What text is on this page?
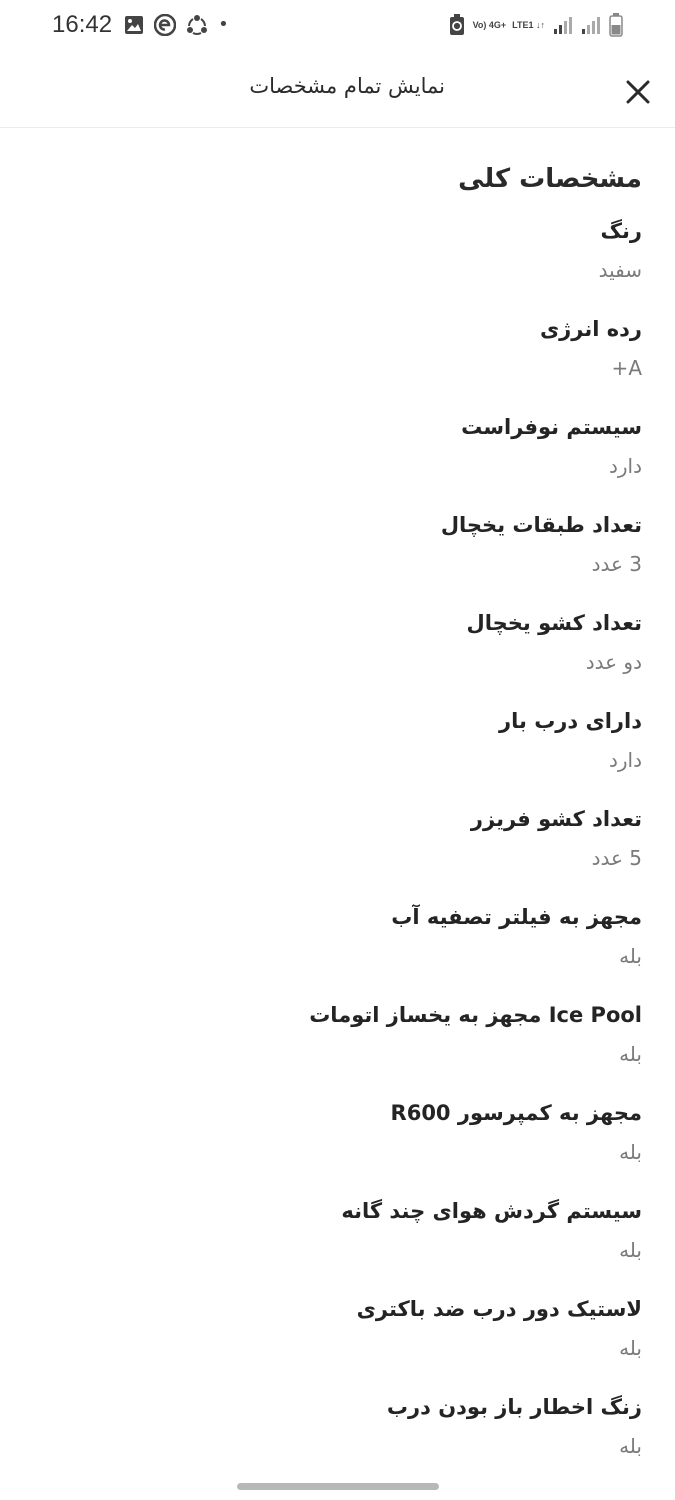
16:42	•	Vo) 4G+ LTE1 ↓↑
نمایش تمام مشخصات
مشخصات کلی
رنگ
سفید
رده انرژی
A+
سیستم نوفراست
دارد
تعداد طبقات یخچال
3 عدد
تعداد کشو یخچال
دو عدد
دارای درب بار
دارد
تعداد کشو فریزر
5 عدد
مجهز به فیلتر تصفیه آب
بله
Ice Pool مجهز به یخساز اتومات
بله
مجهز به کمپرسور R600
بله
سیستم گردش هوای چند گانه
بله
لاستیک دور درب ضد باکتری
بله
زنگ اخطار باز بودن درب
بله
